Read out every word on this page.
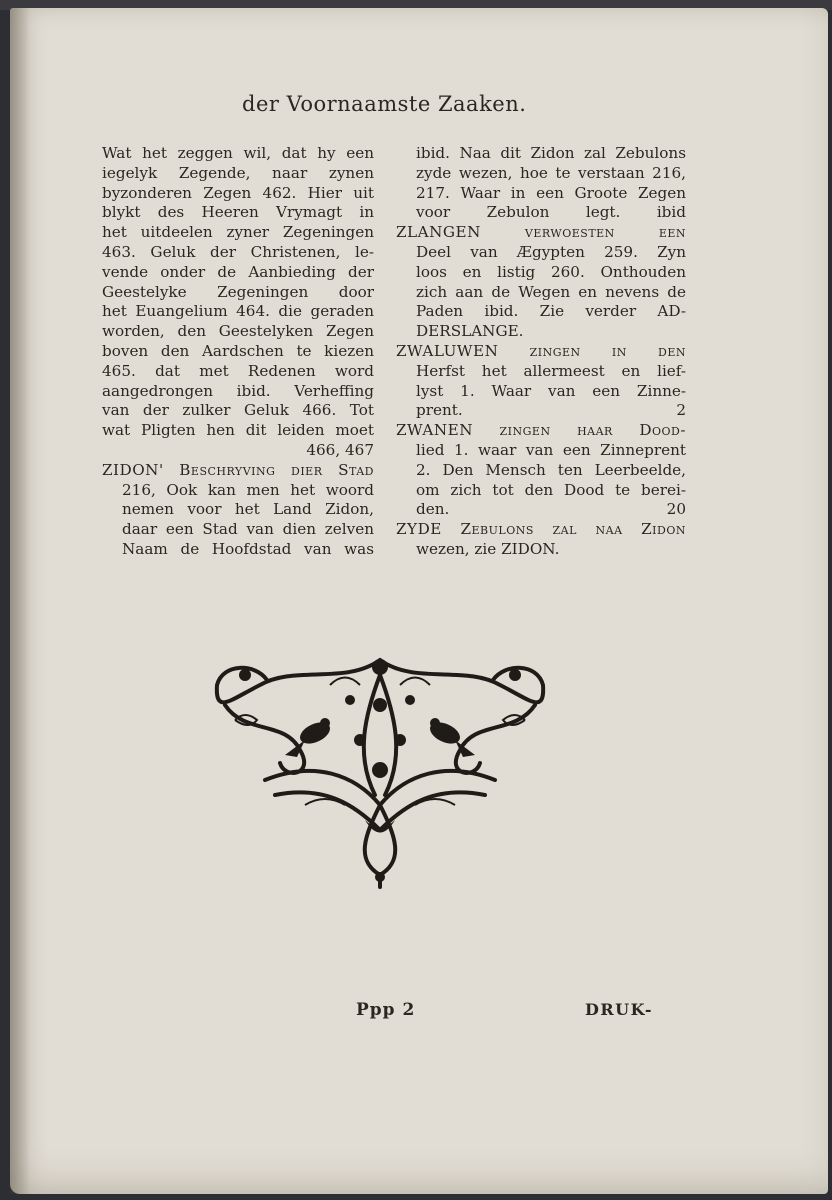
der Voornaamste Zaaken.

Wat het zeggen wil, dat hy een
iegelyk Zegende, naar zynen
byzonderen Zegen 462. Hier uit
blykt des Heeren Vrymagt in
het uitdeelen zyner Zegeningen
463. Geluk der Christenen, le-
vende onder de Aanbieding der
Geestelyke Zegeningen door
het Euangelium 464. die geraden
worden, den Geestelyken Zegen
boven den Aardschen te kiezen
465. dat met Redenen word
aangedrongen ibid. Verheffing
van der zulker Geluk 466. Tot
wat Pligten hen dit leiden moet
466, 467
ZIDON' Beschryving dier Stad
216, Ook kan men het woord
nemen voor het Land Zidon,
daar een Stad van dien zelven
Naam de Hoofdstad van was
ibid. Naa dit Zidon zal Zebulons
zyde wezen, hoe te verstaan 216,
217. Waar in een Groote Zegen
voor Zebulon legt. ibid
ZLANGEN verwoesten een
Deel van Ægypten 259. Zyn
loos en listig 260. Onthouden
zich aan de Wegen en nevens de
Paden ibid. Zie verder AD-
DERSLANGE.
ZWALUWEN zingen in den
Herfst het allermeest en lief-
lyst 1. Waar van een Zinne-
prent. 2
ZWANEN zingen haar Dood-
lied 1. waar van een Zinneprent
2. Den Mensch ten Leerbeelde,
om zich tot den Dood te berei-
den. 20
ZYDE Zebulons zal naa Zidon
wezen, zie ZIDON.
Ppp 2	DRUK-
